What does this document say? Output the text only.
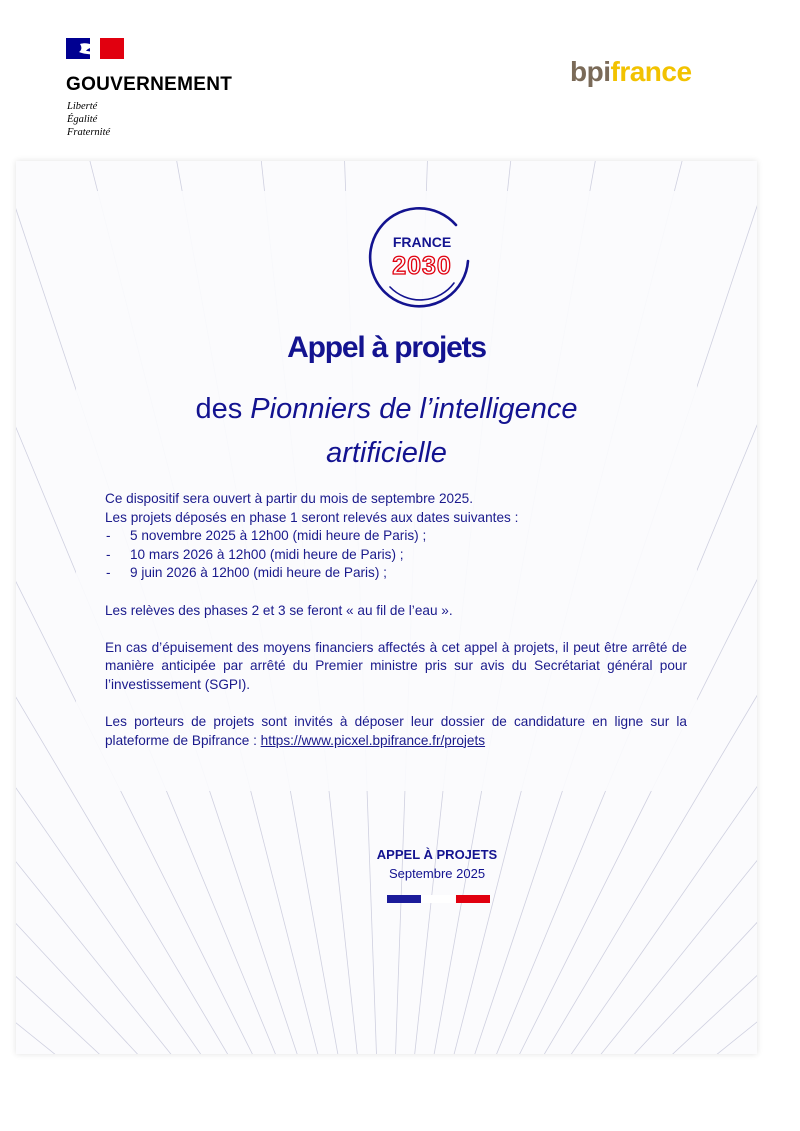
GOUVERNEMENT
Liberté
Égalité
Fraternité
bpifrance
FRANCE
2030
Appel à projets
des Pionniers de l’intelligence
artificielle

Ce dispositif sera ouvert à partir du mois de septembre 2025.

Les projets déposés en phase 1 seront relevés aux dates suivantes :

- 5 novembre 2025 à 12h00 (midi heure de Paris) ;
- 10 mars 2026 à 12h00 (midi heure de Paris) ;
- 9 juin 2026 à 12h00 (midi heure de Paris) ;

Les relèves des phases 2 et 3 se feront « au fil de l’eau ».

En cas d’épuisement des moyens financiers affectés à cet appel à projets, il peut être arrêté de manière anticipée par arrêté du Premier ministre pris sur avis du Secrétariat général pour l’investissement (SGPI).

Les porteurs de projets sont invités à déposer leur dossier de candidature en ligne sur la plateforme de Bpifrance : https://www.picxel.bpifrance.fr/projets

APPEL À PROJETS
Septembre 2025
